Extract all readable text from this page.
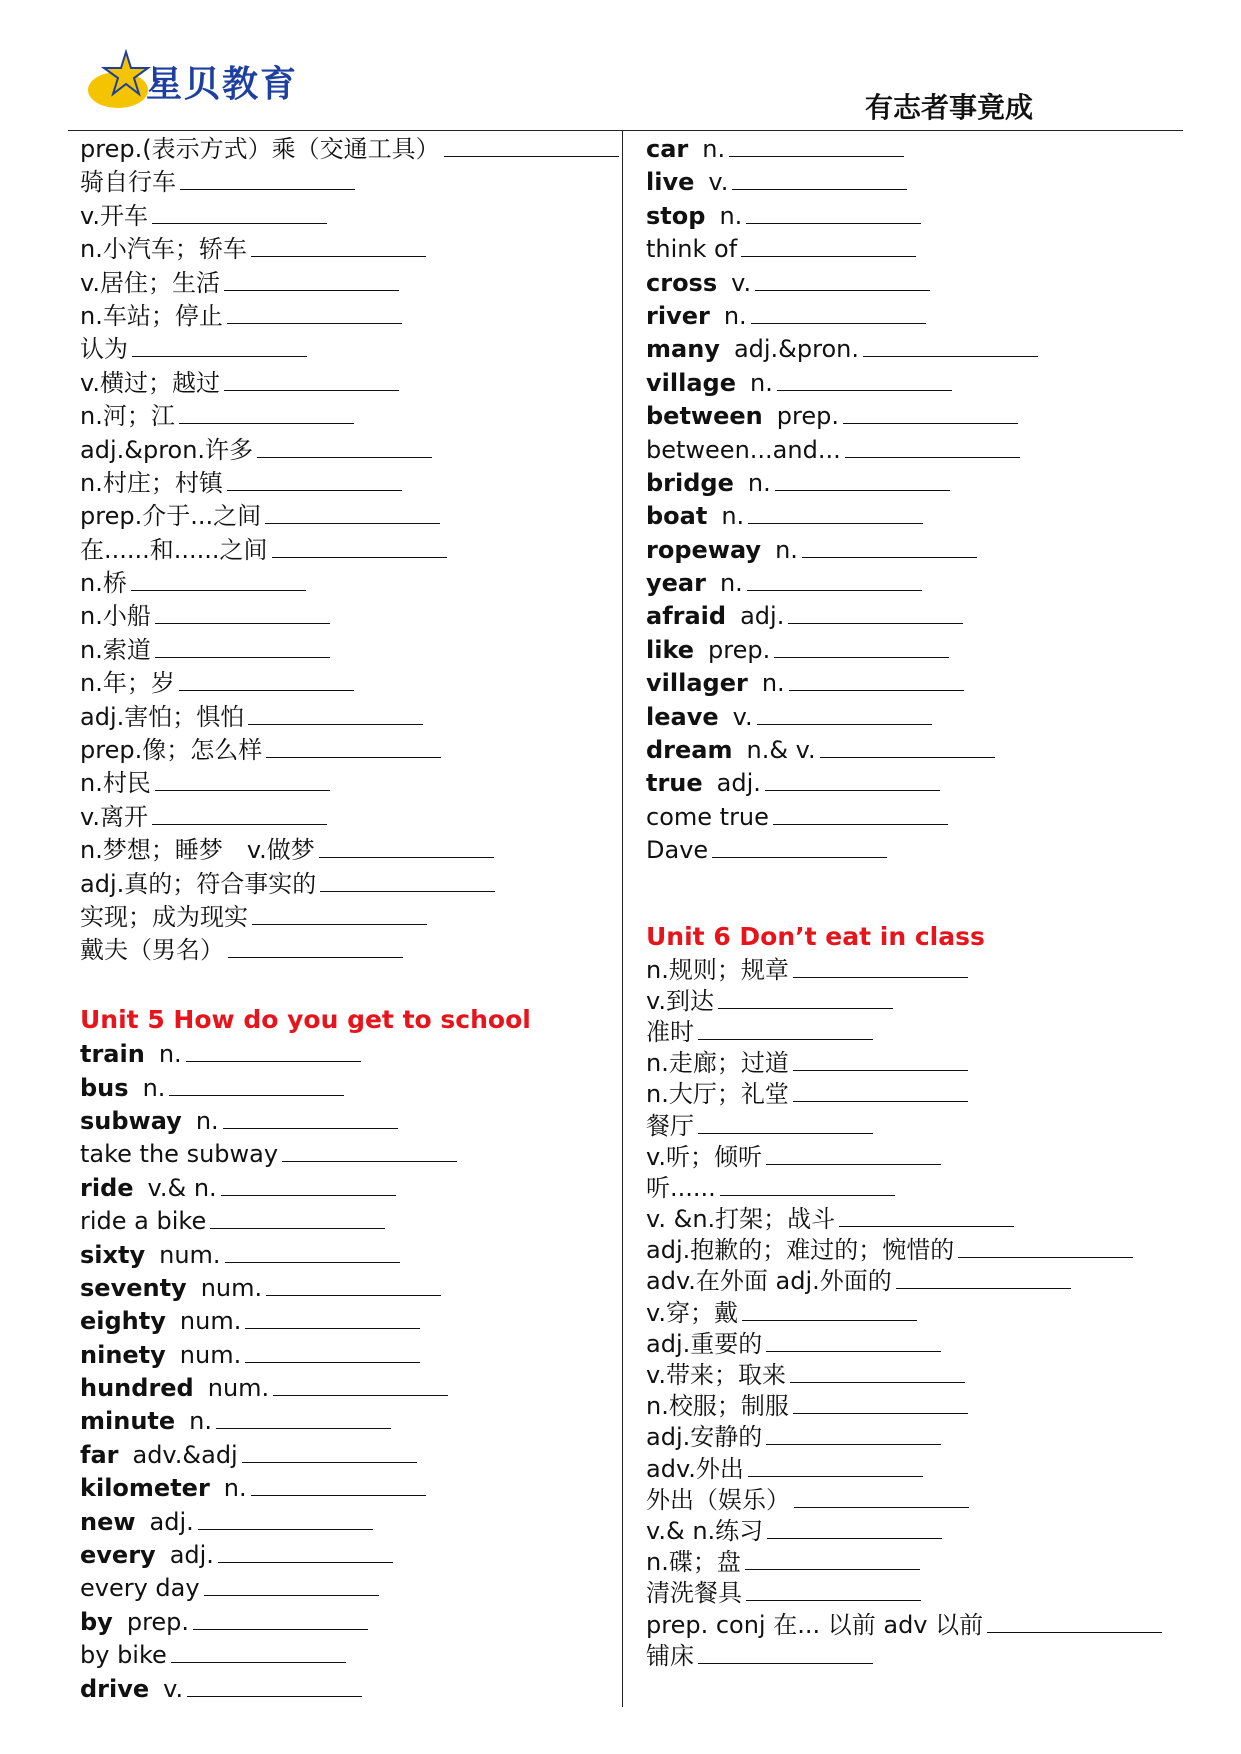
星贝教育
有志者事竟成
prep.(表示方式）乘（交通工具）
骑自行车
v.开车
n.小汽车；轿车
v.居住；生活
n.车站；停止
认为
v.横过；越过
n.河；江
adj.&pron.许多
n.村庄；村镇
prep.介于...之间
在......和......之间
n.桥
n.小船
n.索道
n.年；岁
adj.害怕；惧怕
prep.像；怎么样
n.村民
v.离开
n.梦想；睡梦　v.做梦
adj.真的；符合事实的
实现；成为现实
戴夫（男名）
Unit 5 How do you get to school
train n.
bus n.
subway n.
take the subway
ride v.& n.
ride a bike
sixty num.
seventy num.
eighty num.
ninety num.
hundred num.
minute n.
far adv.&adj
kilometer n.
new adj.
every adj.
every day
by prep.
by bike
drive v.
car n.
live v.
stop n.
think of
cross v.
river n.
many adj.&pron.
village n.
between prep.
between...and...
bridge n.
boat n.
ropeway n.
year n.
afraid adj.
like prep.
villager n.
leave v.
dream n.& v.
true adj.
come true
Dave
Unit 6 Don’t eat in class
n.规则；规章
v.到达
准时
n.走廊；过道
n.大厅；礼堂
餐厅
v.听；倾听
听......
v. &n.打架；战斗
adj.抱歉的；难过的；惋惜的
adv.在外面 adj.外面的
v.穿；戴
adj.重要的
v.带来；取来
n.校服；制服
adj.安静的
adv.外出
外出（娱乐）
v.& n.练习
n.碟；盘
清洗餐具
prep. conj 在... 以前 adv 以前
铺床
